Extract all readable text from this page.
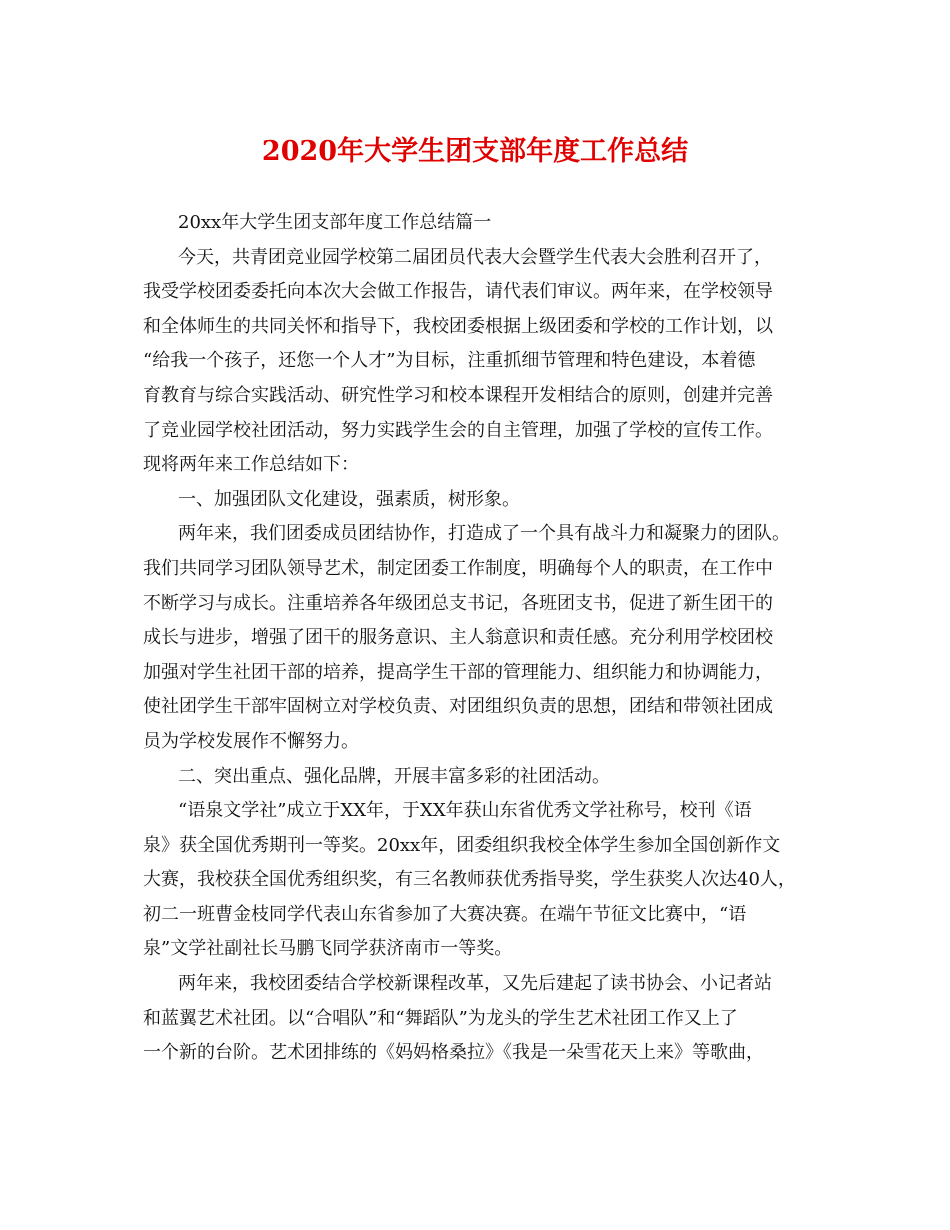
2020年大学生团支部年度工作总结
20xx年大学生团支部年度工作总结篇一
今天，共青团竞业园学校第二届团员代表大会暨学生代表大会胜利召开了，
我受学校团委委托向本次大会做工作报告，请代表们审议。两年来，在学校领导
和全体师生的共同关怀和指导下，我校团委根据上级团委和学校的工作计划，以
“给我一个孩子，还您一个人才”为目标，注重抓细节管理和特色建设，本着德
育教育与综合实践活动、研究性学习和校本课程开发相结合的原则，创建并完善
了竞业园学校社团活动，努力实践学生会的自主管理，加强了学校的宣传工作。
现将两年来工作总结如下：
一、加强团队文化建设，强素质，树形象。
两年来，我们团委成员团结协作，打造成了一个具有战斗力和凝聚力的团队。
我们共同学习团队领导艺术，制定团委工作制度，明确每个人的职责，在工作中
不断学习与成长。注重培养各年级团总支书记，各班团支书，促进了新生团干的
成长与进步，增强了团干的服务意识、主人翁意识和责任感。充分利用学校团校
加强对学生社团干部的培养，提高学生干部的管理能力、组织能力和协调能力，
使社团学生干部牢固树立对学校负责、对团组织负责的思想，团结和带领社团成
员为学校发展作不懈努力。
二、突出重点、强化品牌，开展丰富多彩的社团活动。
“语泉文学社”成立于XX年，于XX年获山东省优秀文学社称号，校刊《语
泉》获全国优秀期刊一等奖。20xx年，团委组织我校全体学生参加全国创新作文
大赛，我校获全国优秀组织奖，有三名教师获优秀指导奖，学生获奖人次达40人，
初二一班曹金枝同学代表山东省参加了大赛决赛。在端午节征文比赛中，“语
泉”文学社副社长马鹏飞同学获济南市一等奖。
两年来，我校团委结合学校新课程改革，又先后建起了读书协会、小记者站
和蓝翼艺术社团。以“合唱队”和“舞蹈队”为龙头的学生艺术社团工作又上了
一个新的台阶。艺术团排练的《妈妈格桑拉》《我是一朵雪花天上来》等歌曲，
